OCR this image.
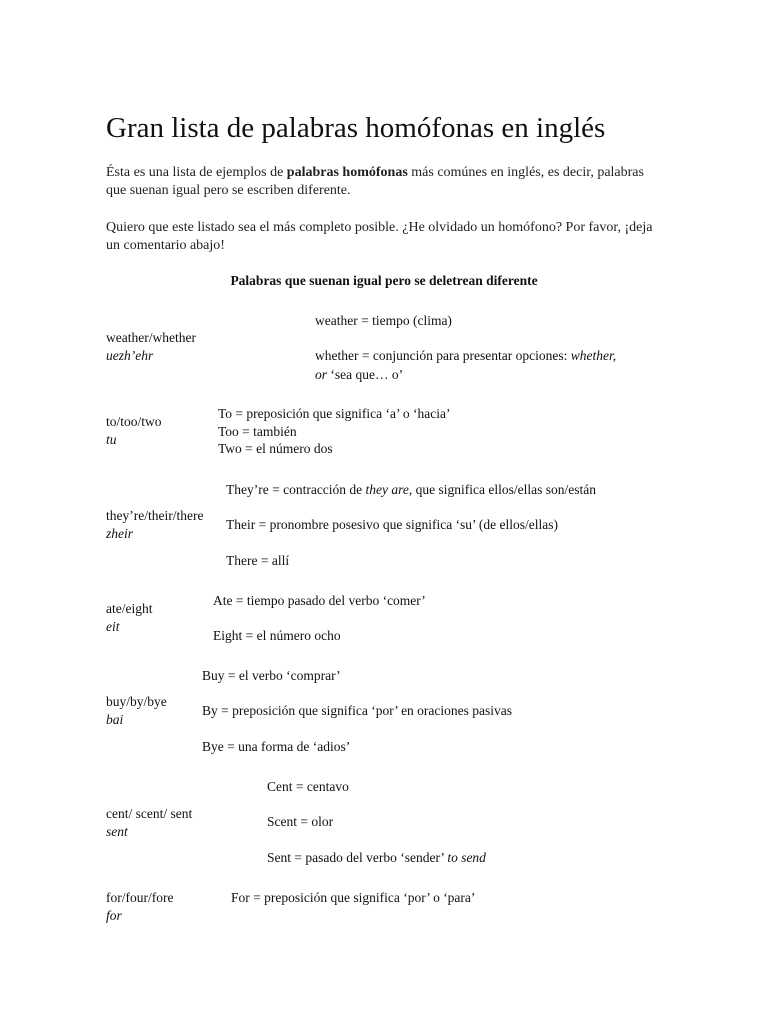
Gran lista de palabras homófonas en inglés

Ésta es una lista de ejemplos de palabras homófonas más comúnes en inglés, es decir, palabras que suenan igual pero se escriben diferente.

Quiero que este listado sea el más completo posible. ¿He olvidado un homófono? Por favor, ¡deja un comentario abajo!

Palabras que suenan igual pero se deletrean diferente

weather/whether
uezh’ehr
weather = tiempo (clima)
whether = conjunción para presentar opciones: whether,
or ‘sea que… o’
to/too/two
tu
To = preposición que significa ‘a’ o ‘hacia’
Too = también
Two = el número dos
they’re/their/there
zheir
They’re = contracción de they are, que significa ellos/ellas son/están
Their = pronombre posesivo que significa ‘su’ (de ellos/ellas)
There = allí
ate/eight
eit
Ate = tiempo pasado del verbo ‘comer’
Eight = el número ocho
buy/by/bye
bai
Buy = el verbo ‘comprar’
By = preposición que significa ‘por’ en oraciones pasivas
Bye = una forma de ‘adios’
cent/ scent/ sent
sent
Cent = centavo
Scent = olor
Sent = pasado del verbo ‘sender’ to send
for/four/fore
for
For = preposición que significa ‘por’ o ‘para’
